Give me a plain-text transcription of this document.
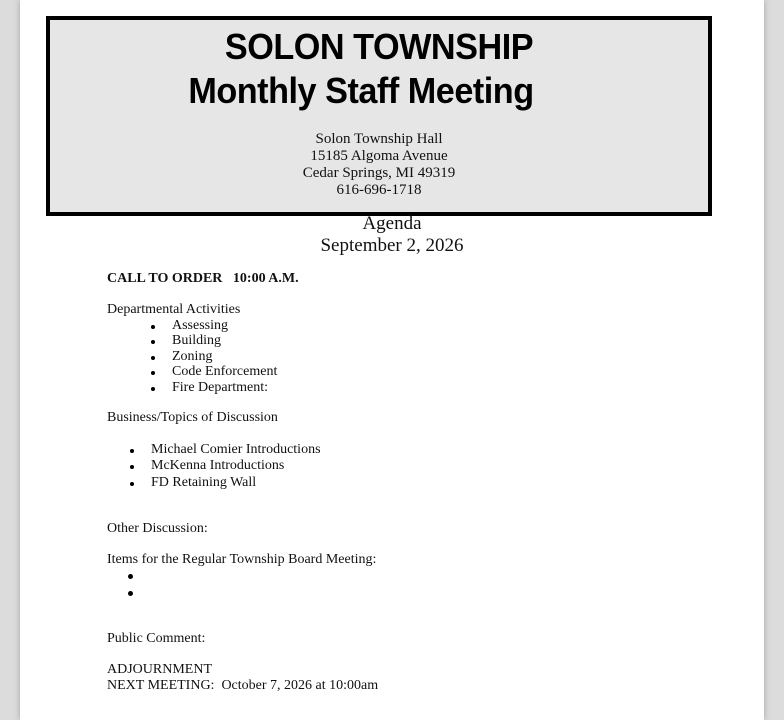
SOLON TOWNSHIP
Monthly Staff Meeting
Solon Township Hall
15185 Algoma Avenue
Cedar Springs, MI 49319
616-696-1718
Agenda
September 2, 2026
CALL TO ORDER   10:00 A.M.
Departmental Activities
Assessing
Building
Zoning
Code Enforcement
Fire Department:
Business/Topics of Discussion
Michael Comier Introductions
McKenna Introductions
FD Retaining Wall
Other Discussion:
Items for the Regular Township Board Meeting:
Public Comment:
ADJOURNMENT
NEXT MEETING:  October 7, 2026 at 10:00am
